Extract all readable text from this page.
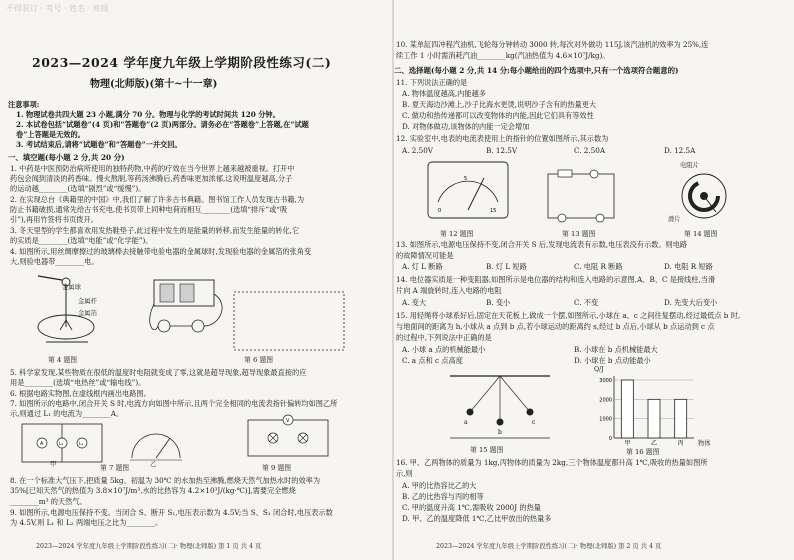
不得装订 · 考号 · 姓名 · 班级
2023—2024 学年度九年级上学期阶段性练习(二)
物理(北师版)(第十~十一章)
注意事项:
1. 物理试卷共四大题 23 小题,满分 70 分。物理与化学的考试时间共 120 分钟。
2. 本试卷包括“试题卷”(4 页)和“答题卷”(2 页)两部分。请务必在“答题卷”上答题,在“试题
卷”上答题是无效的。
3. 考试结束后,请将“试题卷”和“答题卷”一并交回。
一、填空题(每小题 2 分,共 20 分)
1. 中药是中医预防治病所使用的独特药物,中药的疗效在当今世界上越来越被重视。打开中
药包会闻到清淡的药香味。慢火熬制,等药汤沸腾后,药香味更加浓郁,这说明温度越高,分子
的运动越________(选填“剧烈”或“缓慢”)。
2. 在实现总台《典籍里的中国》中,我们了解了许多古书典籍。图书馆工作人员发现古书籍,为
防止书籍破损,通常先给古书充电,使书页带上同种电荷而相互________(选填“排斥”或“吸
引”),再用竹签将书页拨开。
3. 冬天里型的学生都喜欢用发热鞋垫子,此过程中发生的是能量的转移,而发生能量的转化,它
的实质是________(选填“电能”或“化学能”)。
4. 如图所示,用丝绸摩擦过的玻璃棒去接触带电验电器的金属球时,发现验电器的金属箔的张角变
大,则验电器带________电。
金属球
金属杆
金属箔
第 4 题图	第 6 题图
5. 科学家发现,某些物质在很低的温度时电阻就变成了零,这就是超导现象,超导现象最直接的应
用是________(选填“电热丝”或“输电线”)。
6. 根据电路实物图,在虚线框内画出电路图。
7. 如图所示的电路中,闭合开关 S 时,电流方向如图中所示,且两个完全相同的电流表指针偏转均如图乙所
示,则通过 L₁ 的电流为________A。
A	L₁
L₂
甲	乙
第 7 题图
V
第 9 题图
8. 在一个标准大气压下,把质量 5kg、初温为 30℃ 的水加热至沸腾,燃烧天然气加热水时的效率为
35%[已知天然气的热值为 3.8×10⁷J/m³,水的比热容为 4.2×10³J/(kg·℃)],需要完全燃烧
________m³ 的天然气。
9. 如图所示,电源电压保持不变。当闭合 S、断开 S₁,电压表示数为 4.5V;当 S、S₁ 闭合时,电压表示数
为 4.5V,则 L₁ 和 L₂ 两端电压之比为________。
2023—2024 学年度九年级上学期阶段性练习(二)· 物理(北师版) 第 1 页 共 4 页
10. 某单缸四冲程汽油机,飞轮每分钟转动 3000 转,每次对外做功 115J,该汽油机的效率为 25%,连
续工作 1 小时需消耗汽油________kg(汽油热值为 4.6×10⁷J/kg)。
二、选择题(每小题 2 分,共 14 分;每小题给出的四个选项中,只有一个选项符合题意的)
11. 下列说法正确的是
A. 物体温度越高,内能越多
B. 夏天海边沙滩上,沙子比海水更烫,说明沙子含有的热量更大
C. 做功和热传递都可以改变物体的内能,因此它们具有等效性
D. 对物体做功,该物体的内能一定会增加
12. 实验室中,电表的电流表使用上的指针的位置如图所示,其示数为
A. 2.50V	B. 12.5V	C. 2.50A	D. 12.5A
0
5
15
第 12 题图	第 13 题图
电阻片
滑片
第 14 题图
13. 如图所示,电源电压保持不变,闭合开关 S 后,发现电流表有示数,电压表没有示数。则电路
的故障情况可能是
A. 灯 L 断路	B. 灯 L 短路	C. 电阻 R 断路	D. 电阻 R 短路
14. 电位器实质是一种变阻器,如图所示是电位器的结构和连入电路的示意图,A、B、C 是接线柱,当滑
片向 A 端旋转时,连入电路的电阻
A. 变大	B. 变小	C. 不变	D. 先变大后变小
15. 用轻绳将小球系好后,固定在天花板上,做成一个摆,如图所示,小球在 a、c 之间往复摆动,经过最低点 b 时,
与地面间的距离为 h,小球从 a 点到 b 点,若小球运动的距离约 s,经过 b 点后,小球从 b 点运动到 c 点
的过程中,下列说法中正确的是
A. 小球 a 点的机械能最小	B. 小球在 b 点机械能最大
C. a 点和 c 点高度	D. 小球在 b 点动能最小
a
b
c
第 15 题图
Q/J
0
1000
2000
3000
甲	乙	丙 物体
第 16 题图
16. 甲、乙两物体的质量为 1kg,丙物体的质量为 2kg,三个物体温度都升高 1℃,吸收的热量如图所
示,则
A. 甲的比热容比乙的大
B. 乙的比热容与丙的相等
C. 甲的温度升高 1℃,需吸收 2000J 的热量
D. 甲、乙的温度降低 1℃,乙比甲放出的热量多
2023—2024 学年度九年级上学期阶段性练习(二)· 物理(北师版) 第 2 页 共 4 页
